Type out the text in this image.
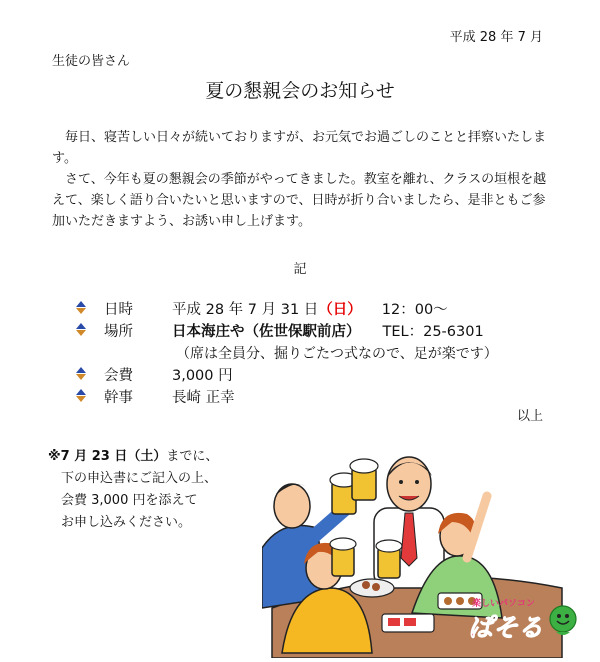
平成 28 年 7 月
生徒の皆さん
夏の懇親会のお知らせ
　毎日、寝苦しい日々が続いておりますが、お元気でお過ごしのことと拝察いたします。
　さて、今年も夏の懇親会の季節がやってきました。教室を離れ、クラスの垣根を越えて、楽しく語り合いたいと思いますので、日時が折り合いましたら、是非ともご参加いただきますよう、お誘い申し上げます。
記
日時	平成 28 年 7 月 31 日（日） 12：00～
場所	日本海庄や（佐世保駅前店） TEL：25-6301
（席は全員分、掘りごたつ式なので、足が楽です）
会費	3,000 円
幹事	長崎 正幸
以上
※7 月 23 日（土）までに、
下の申込書にご記入の上、
会費 3,000 円を添えて
お申し込みください。
楽しいパソコン
ぱそる
